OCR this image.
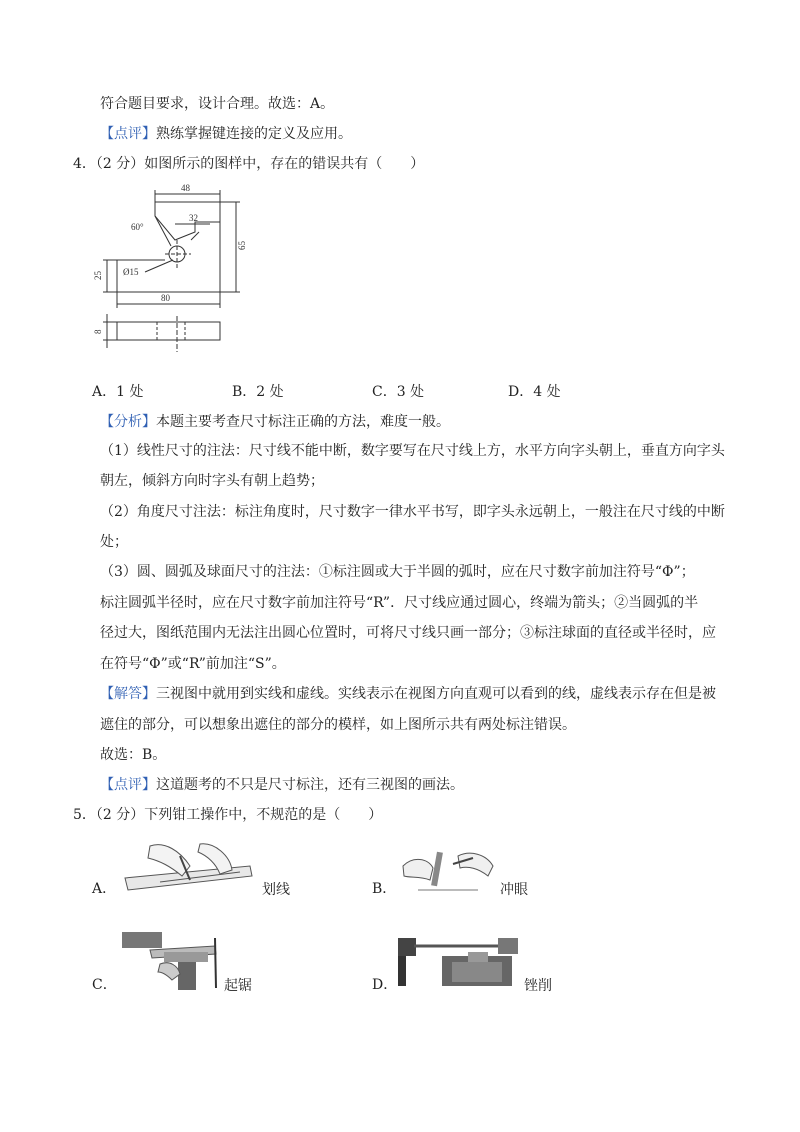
符合题目要求，设计合理。故选：A。
【点评】熟练掌握键连接的定义及应用。
4．（2 分）如图所示的图样中，存在的错误共有（　　）
48
32
60°
65
25 Ø15
80
8
A．1 处	B．2 处	C．3 处	D．4 处
【分析】本题主要考查尺寸标注正确的方法，难度一般。
（1）线性尺寸的注法：尺寸线不能中断，数字要写在尺寸线上方，水平方向字头朝上，垂直方向字头
朝左，倾斜方向时字头有朝上趋势；
（2）角度尺寸注法：标注角度时，尺寸数字一律水平书写，即字头永远朝上，一般注在尺寸线的中断
处；
（3）圆、圆弧及球面尺寸的注法：①标注圆或大于半圆的弧时，应在尺寸数字前加注符号“Φ”；
标注圆弧半径时，应在尺寸数字前加注符号“R”．尺寸线应通过圆心，终端为箭头；②当圆弧的半
径过大，图纸范围内无法注出圆心位置时，可将尺寸线只画一部分；③标注球面的直径或半径时，应
在符号“Φ”或“R”前加注“S”。
【解答】三视图中就用到实线和虚线。实线表示在视图方向直观可以看到的线，虚线表示存在但是被
遮住的部分，可以想象出遮住的部分的模样，如上图所示共有两处标注错误。
故选：B。
【点评】这道题考的不只是尺寸标注，还有三视图的画法。
5．（2 分）下列钳工操作中，不规范的是（　　）
A．	划线	B．	冲眼
C．	起锯	D．	锉削
